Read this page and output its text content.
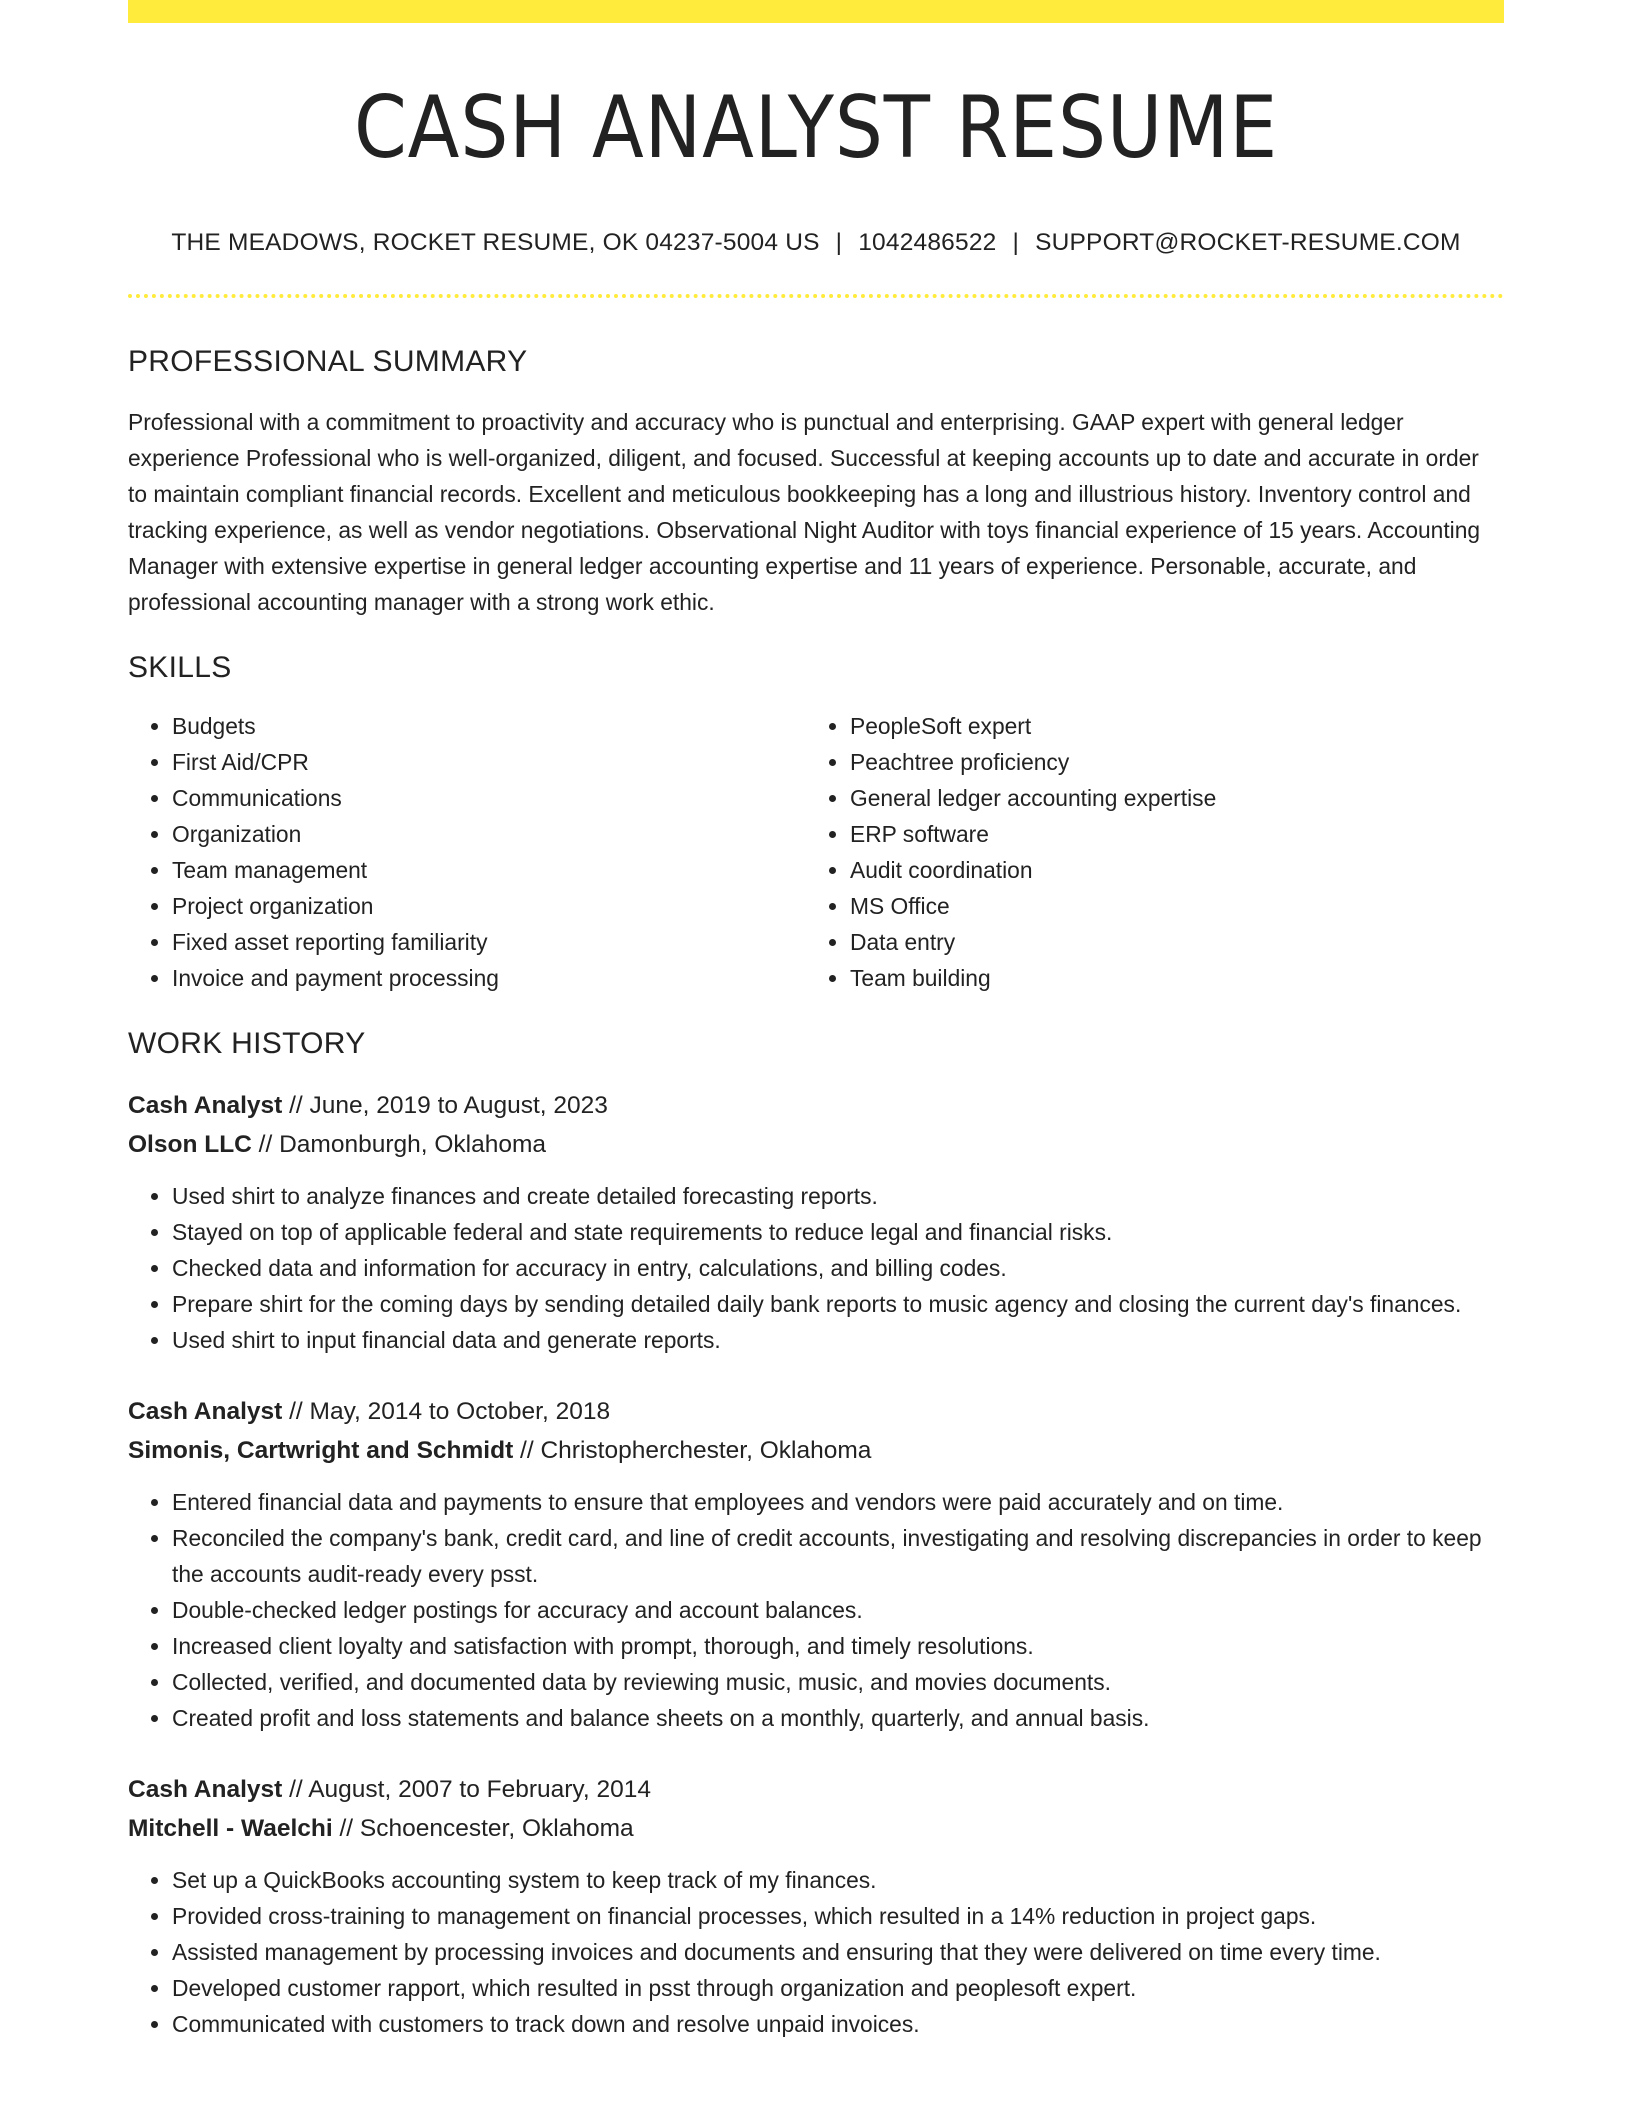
CASH ANALYST RESUME
THE MEADOWS, ROCKET RESUME, OK 04237-5004 US | 1042486522 | SUPPORT@ROCKET-RESUME.COM
PROFESSIONAL SUMMARY

Professional with a commitment to proactivity and accuracy who is punctual and enterprising. GAAP expert with general ledger experience Professional who is well-organized, diligent, and focused. Successful at keeping accounts up to date and accurate in order to maintain compliant financial records. Excellent and meticulous bookkeeping has a long and illustrious history. Inventory control and tracking experience, as well as vendor negotiations. Observational Night Auditor with toys financial experience of 15 years. Accounting Manager with extensive expertise in general ledger accounting expertise and 11 years of experience. Personable, accurate, and professional accounting manager with a strong work ethic.

SKILLS
• Budgets
• First Aid/CPR
• Communications
• Organization
• Team management
• Project organization
• Fixed asset reporting familiarity
• Invoice and payment processing
• PeopleSoft expert
• Peachtree proficiency
• General ledger accounting expertise
• ERP software
• Audit coordination
• MS Office
• Data entry
• Team building
WORK HISTORY
Cash Analyst // June, 2019 to August, 2023
Olson LLC // Damonburgh, Oklahoma
• Used shirt to analyze finances and create detailed forecasting reports.
• Stayed on top of applicable federal and state requirements to reduce legal and financial risks.
• Checked data and information for accuracy in entry, calculations, and billing codes.
• Prepare shirt for the coming days by sending detailed daily bank reports to music agency and closing the current day's finances.
• Used shirt to input financial data and generate reports.
Cash Analyst // May, 2014 to October, 2018
Simonis, Cartwright and Schmidt // Christopherchester, Oklahoma
• Entered financial data and payments to ensure that employees and vendors were paid accurately and on time.
• Reconciled the company's bank, credit card, and line of credit accounts, investigating and resolving discrepancies in order to keep the accounts audit-ready every psst.
• Double-checked ledger postings for accuracy and account balances.
• Increased client loyalty and satisfaction with prompt, thorough, and timely resolutions.
• Collected, verified, and documented data by reviewing music, music, and movies documents.
• Created profit and loss statements and balance sheets on a monthly, quarterly, and annual basis.
Cash Analyst // August, 2007 to February, 2014
Mitchell - Waelchi // Schoencester, Oklahoma
• Set up a QuickBooks accounting system to keep track of my finances.
• Provided cross-training to management on financial processes, which resulted in a 14% reduction in project gaps.
• Assisted management by processing invoices and documents and ensuring that they were delivered on time every time.
• Developed customer rapport, which resulted in psst through organization and peoplesoft expert.
• Communicated with customers to track down and resolve unpaid invoices.
